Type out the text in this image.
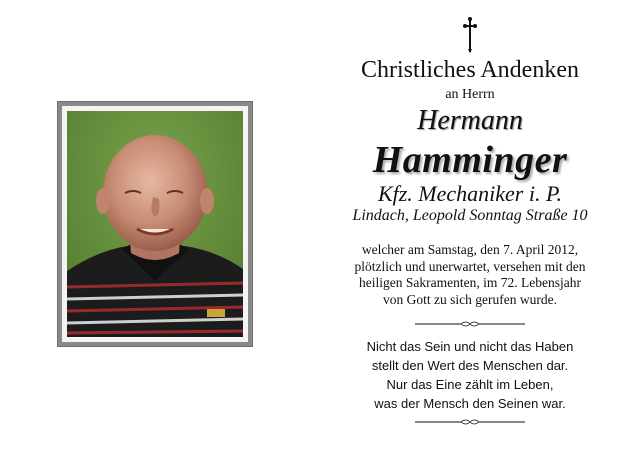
Christliches Andenken
an Herrn
Hermann
Hamminger
Kfz. Mechaniker i. P.
Lindach, Leopold Sonntag Straße 10
welcher am Samstag, den 7. April 2012,
plötzlich und unerwartet, versehen mit den
heiligen Sakramenten, im 72. Lebensjahr
von Gott zu sich gerufen wurde.
Nicht das Sein und nicht das Haben
stellt den Wert des Menschen dar.
Nur das Eine zählt im Leben,
was der Mensch den Seinen war.
